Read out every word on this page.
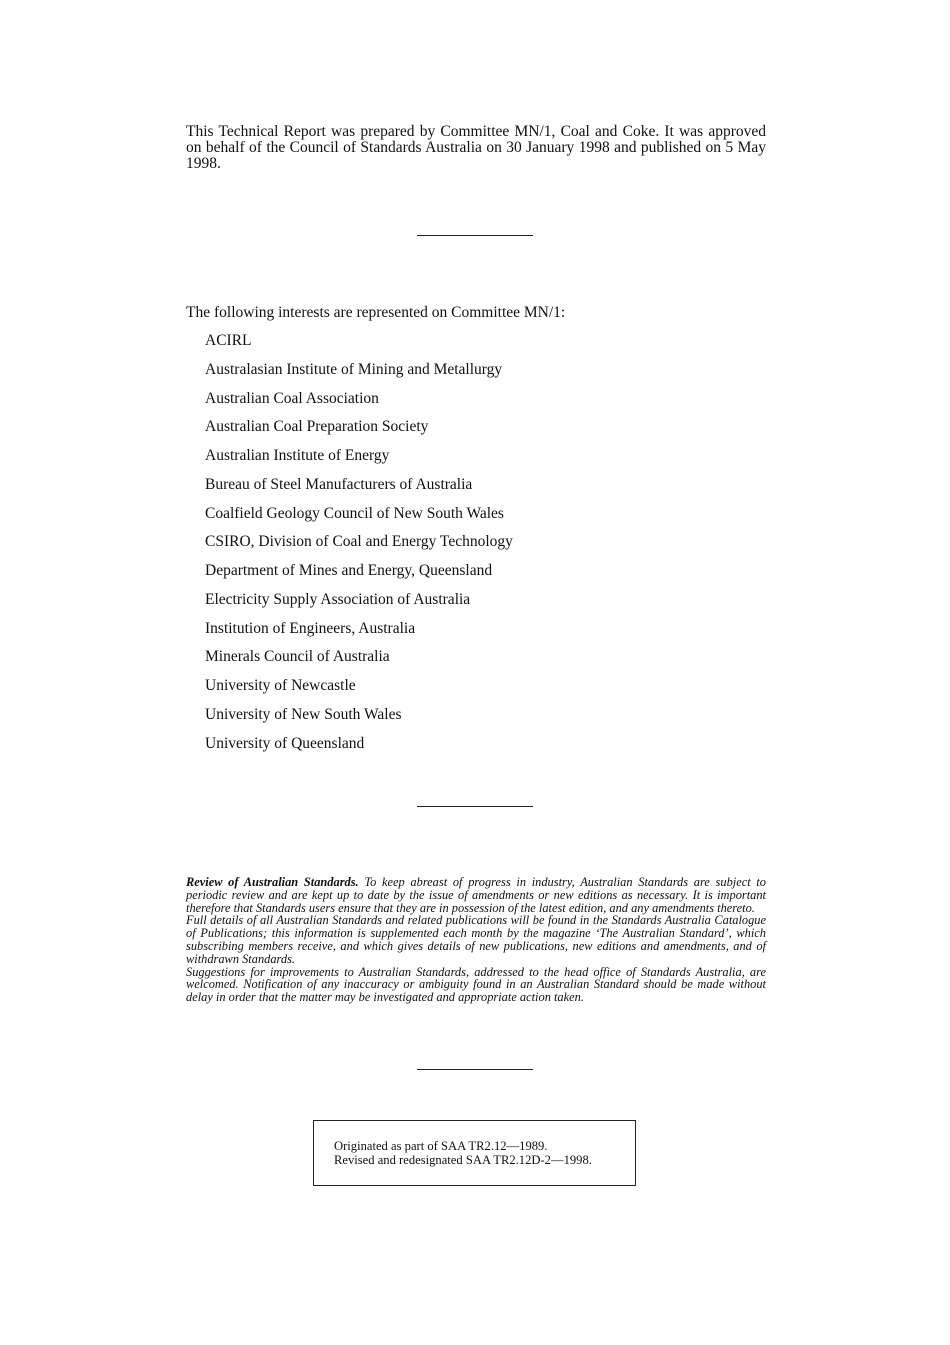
This Technical Report was prepared by Committee MN/1, Coal and Coke. It was approved on behalf of the Council of Standards Australia on 30 January 1998 and published on 5 May 1998.

The following interests are represented on Committee MN/1:

ACIRL
Australasian Institute of Mining and Metallurgy
Australian Coal Association
Australian Coal Preparation Society
Australian Institute of Energy
Bureau of Steel Manufacturers of Australia
Coalfield Geology Council of New South Wales
CSIRO, Division of Coal and Energy Technology
Department of Mines and Energy, Queensland
Electricity Supply Association of Australia
Institution of Engineers, Australia
Minerals Council of Australia
University of Newcastle
University of New South Wales
University of Queensland

Review of Australian Standards. To keep abreast of progress in industry, Australian Standards are subject to periodic review and are kept up to date by the issue of amendments or new editions as necessary. It is important therefore that Standards users ensure that they are in possession of the latest edition, and any amendments thereto.

Full details of all Australian Standards and related publications will be found in the Standards Australia Catalogue of Publications; this information is supplemented each month by the magazine ‘The Australian Standard’, which subscribing members receive, and which gives details of new publications, new editions and amendments, and of withdrawn Standards.

Suggestions for improvements to Australian Standards, addressed to the head office of Standards Australia, are welcomed. Notification of any inaccuracy or ambiguity found in an Australian Standard should be made without delay in order that the matter may be investigated and appropriate action taken.

Originated as part of SAA TR2.12—1989.
Revised and redesignated SAA TR2.12D-2—1998.
